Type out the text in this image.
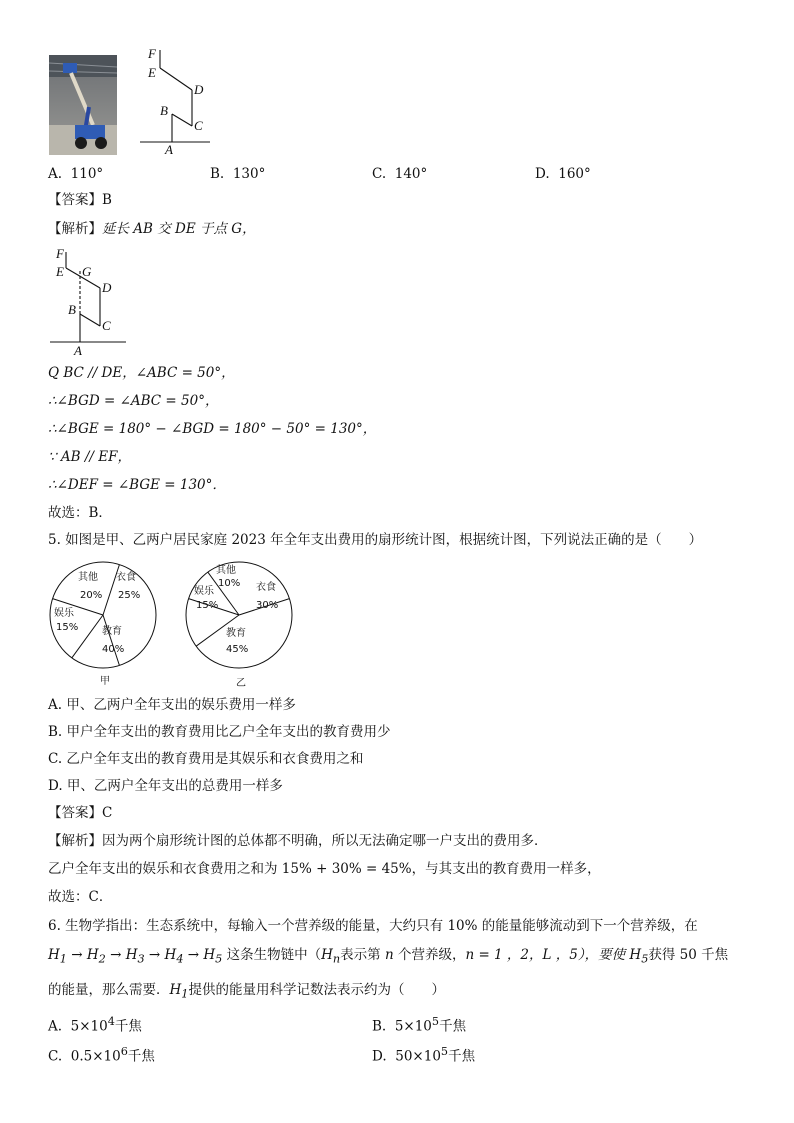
F
E
D
B
C
A
A. 110°	B. 130°	C. 140°	D. 160°
【答案】B
【解析】延长 AB 交 DE 于点 G，
F
E G
D
B
C
A
Q BC // DE，∠ABC = 50°，
∴∠BGD = ∠ABC = 50°，
∴∠BGE = 180° − ∠BGD = 180° − 50° = 130°，
∵ AB // EF，
∴∠DEF = ∠BGE = 130°．
故选：B．
5. 如图是甲、乙两户居民家庭 2023 年全年支出费用的扇形统计图，根据统计图，下列说法正确的是（　　）
其他
20%
衣食
25%
娱乐
15% 教育
40%
甲
其他
10% 衣食
30%
娱乐
15%
教育
45%
乙
A. 甲、乙两户全年支出的娱乐费用一样多
B. 甲户全年支出的教育费用比乙户全年支出的教育费用少
C. 乙户全年支出的教育费用是其娱乐和衣食费用之和
D. 甲、乙两户全年支出的总费用一样多
【答案】C
【解析】因为两个扇形统计图的总体都不明确，所以无法确定哪一户支出的费用多．
乙户全年支出的娱乐和衣食费用之和为 15% + 30% = 45%，与其支出的教育费用一样多，
故选：C．
6. 生物学指出：生态系统中，每输入一个营养级的能量，大约只有 10% 的能量能够流动到下一个营养级，在
$H_1 \to H_2 \to H_3 \to H_4 \to H_5$ 这条生物链中（$H_n$表示第 n 个营养级，n = 1 ，2，L ，5），要使 $H_5$获得 50 千焦
的能量，那么需要．$H_1$提供的能量用科学记数法表示约为（　　）
A. $5\times 10^4$千焦	B. $5\times 10^5$千焦
C. $0.5\times 10^6$千焦	D. $50\times 10^5$千焦
